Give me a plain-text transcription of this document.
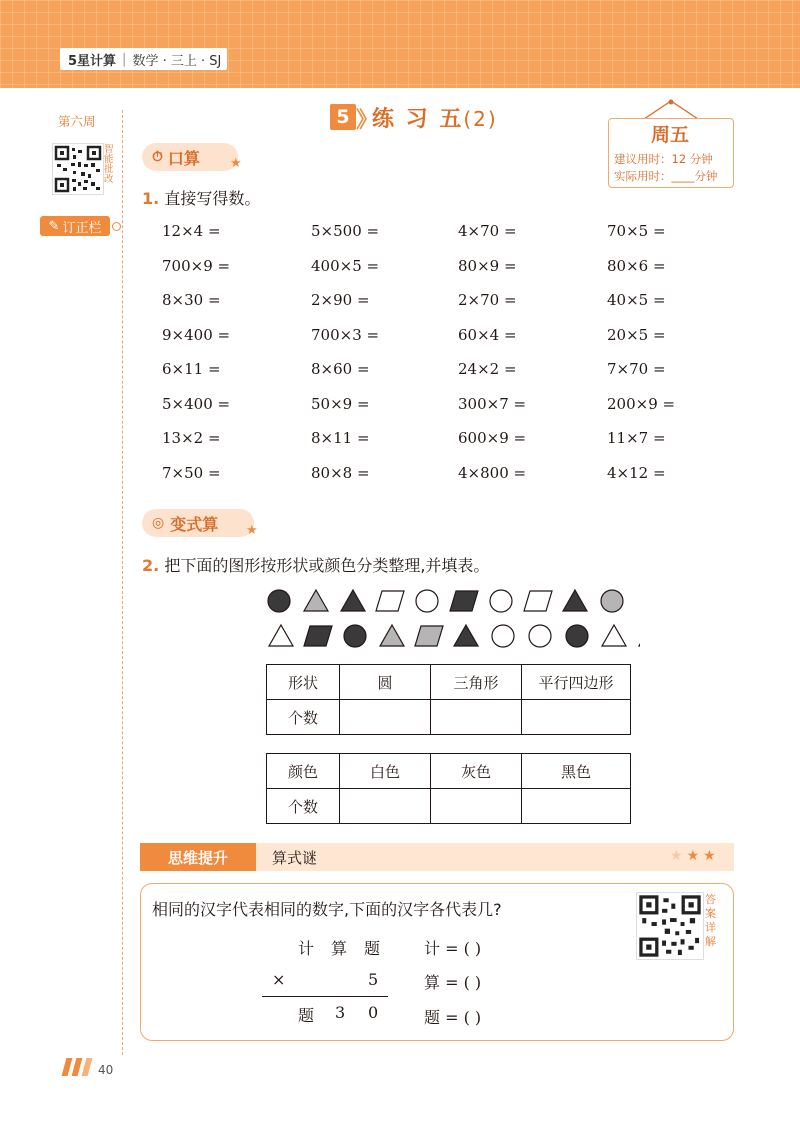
5星计算 | 数学 · 三上 · SJ
第六周
智能批改
✎ 订正栏
5 》
练 习 五(2)
周五
建议用时：12 分钟
实际用时：____分钟
⏱ 口算 ★
1. 直接写得数。
12×4 =	5×500 =	4×70 =	70×5 =
700×9 =	400×5 =	80×9 =	80×6 =
8×30 =	2×90 =	2×70 =	40×5 =
9×400 =	700×3 =	60×4 =	20×5 =
6×11 =	8×60 =	24×2 =	7×70 =
5×400 =	50×9 =	300×7 =	200×9 =
13×2 =	8×11 =	600×9 =	11×7 =
7×50 =	80×8 =	4×800 =	4×12 =
◎ 变式算 ★
2. 把下面的图形按形状或颜色分类整理,并填表。
形状	圆	三角形	平行四边形
个数			
颜色	白色	灰色	黑色
个数			
思维提升	算式谜	★★★
相同的汉字代表相同的数字,下面的汉字各代表几?
答案详解
计 算 题
×	5
题 3 0
计 = ( )
算 = ( )
题 = ( )
40
